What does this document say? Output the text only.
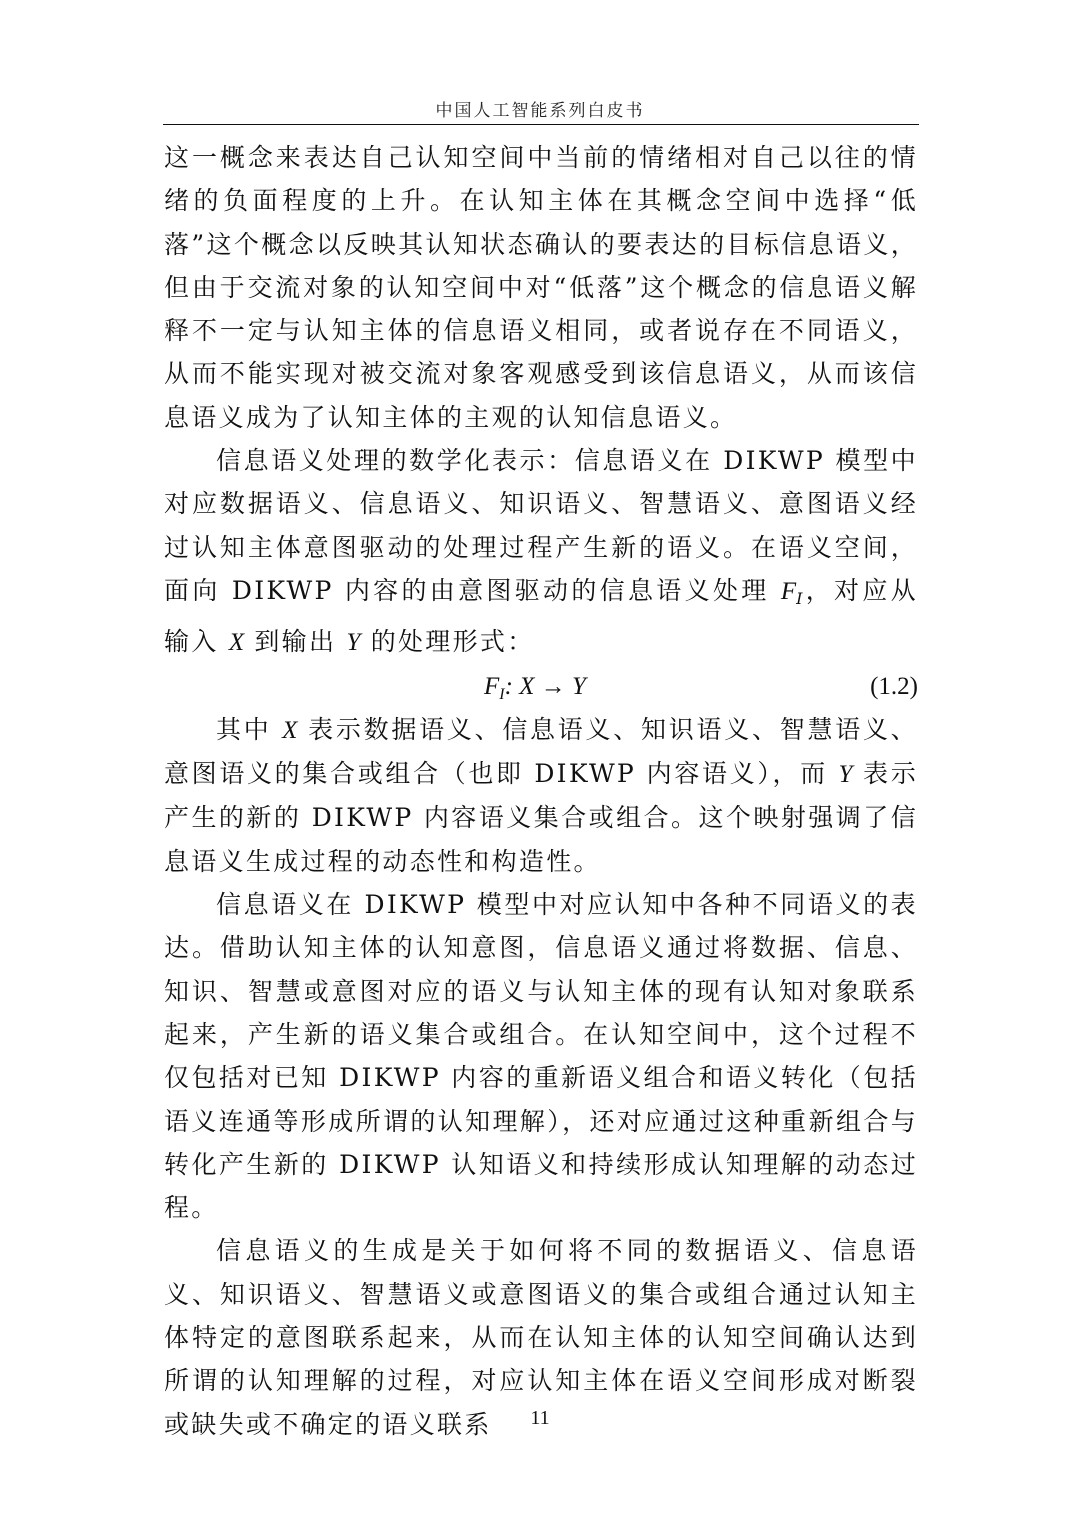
中国人工智能系列白皮书

这一概念来表达自己认知空间中当前的情绪相对自己以往的情绪的负面程度的上升。在认知主体在其概念空间中选择“低落”这个概念以反映其认知状态确认的要表达的目标信息语义，但由于交流对象的认知空间中对“低落”这个概念的信息语义解释不一定与认知主体的信息语义相同，或者说存在不同语义，从而不能实现对被交流对象客观感受到该信息语义，从而该信息语义成为了认知主体的主观的认知信息语义。

信息语义处理的数学化表示：信息语义在 DIKWP 模型中对应数据语义、信息语义、知识语义、智慧语义、意图语义经过认知主体意图驱动的处理过程产生新的语义。在语义空间，面向 DIKWP 内容的由意图驱动的信息语义处理 $F_I$，对应从输入 X 到输出 Y 的处理形式：

$F_I$: X → Y	(1.2)

其中 X 表示数据语义、信息语义、知识语义、智慧语义、意图语义的集合或组合（也即 DIKWP 内容语义），而 Y 表示产生的新的 DIKWP 内容语义集合或组合。这个映射强调了信息语义生成过程的动态性和构造性。

信息语义在 DIKWP 模型中对应认知中各种不同语义的表达。借助认知主体的认知意图，信息语义通过将数据、信息、知识、智慧或意图对应的语义与认知主体的现有认知对象联系起来，产生新的语义集合或组合。在认知空间中，这个过程不仅包括对已知 DIKWP 内容的重新语义组合和语义转化（包括语义连通等形成所谓的认知理解），还对应通过这种重新组合与转化产生新的 DIKWP 认知语义和持续形成认知理解的动态过程。

信息语义的生成是关于如何将不同的数据语义、信息语义、知识语义、智慧语义或意图语义的集合或组合通过认知主体特定的意图联系起来，从而在认知主体的认知空间确认达到所谓的认知理解的过程，对应认知主体在语义空间形成对断裂或缺失或不确定的语义联系	11
